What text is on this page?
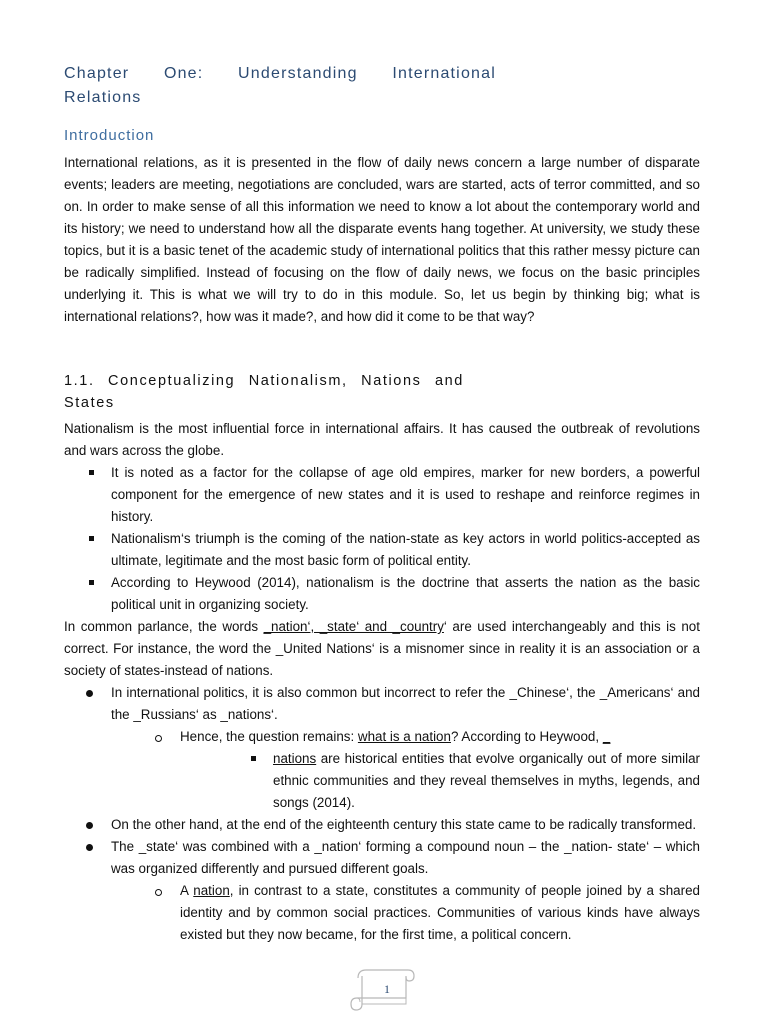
Chapter One: Understanding International
Relations
Introduction

International relations, as it is presented in the flow of daily news concern a large number of disparate events; leaders are meeting, negotiations are concluded, wars are started, acts of terror committed, and so on. In order to make sense of all this information we need to know a lot about the contemporary world and its history; we need to understand how all the disparate events hang together. At university, we study these topics, but it is a basic tenet of the academic study of international politics that this rather messy picture can be radically simplified. Instead of focusing on the flow of daily news, we focus on the basic principles underlying it. This is what we will try to do in this module. So, let us begin by thinking big; what is international relations?, how was it made?, and how did it come to be that way?

1.1. Conceptualizing Nationalism, Nations and
States

Nationalism is the most influential force in international affairs. It has caused the outbreak of revolutions and wars across the globe.

It is noted as a factor for the collapse of age old empires, marker for new borders, a powerful component for the emergence of new states and it is used to reshape and reinforce regimes in history.
Nationalism‘s triumph is the coming of the nation-state as key actors in world politics-accepted as ultimate, legitimate and the most basic form of political entity.
According to Heywood (2014), nationalism is the doctrine that asserts the nation as the basic political unit in organizing society.

In common parlance, the words _nation‘, _state‘ and _country‘ are used interchangeably and this is not correct. For instance, the word the _United Nations‘ is a misnomer since in reality it is an association or a society of states-instead of nations.

In international politics, it is also common but incorrect to refer the _Chinese‘, the _Americans‘ and the _Russians‘ as _nations‘.
Hence, the question remains: what is a nation? According to Heywood, _
nations are historical entities that evolve organically out of more similar ethnic communities and they reveal themselves in myths, legends, and songs (2014).
On the other hand, at the end of the eighteenth century this state came to be radically transformed.
The _state‘ was combined with a _nation‘ forming a compound noun – the _nation- state‘ – which was organized differently and pursued different goals.
A nation, in contrast to a state, constitutes a community of people joined by a shared identity and by common social practices. Communities of various kinds have always existed but they now became, for the first time, a political concern.
1
